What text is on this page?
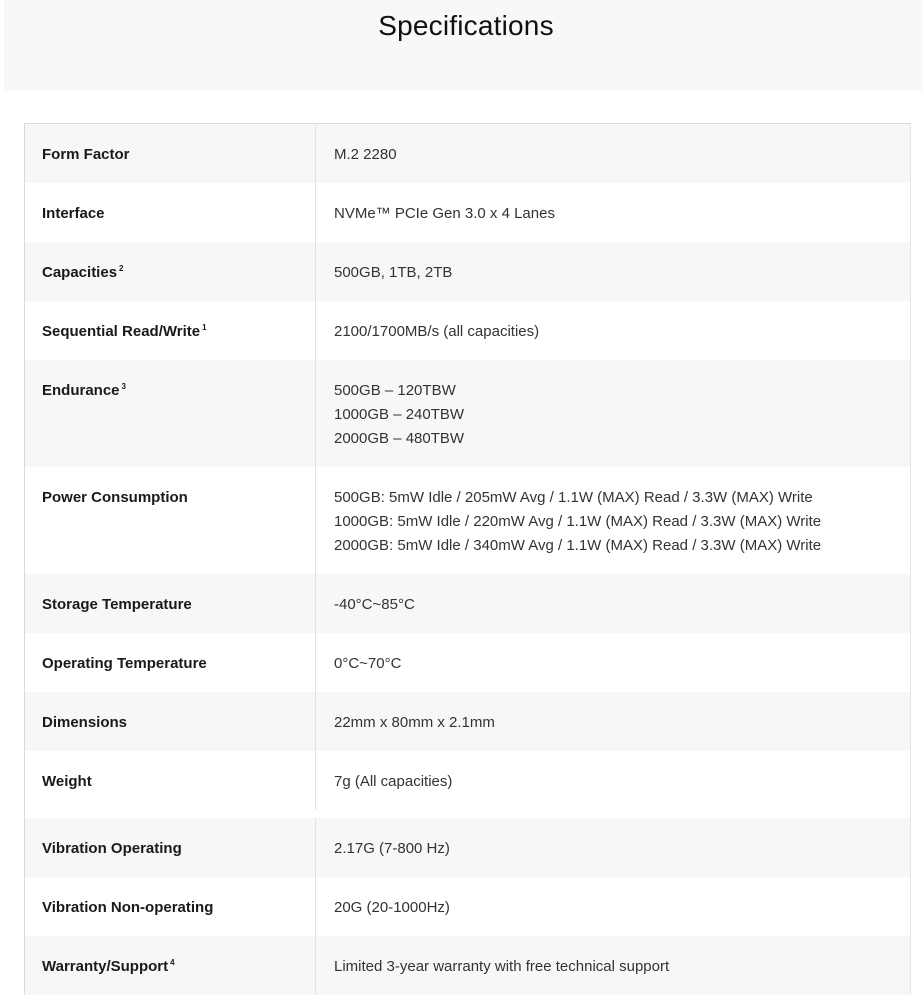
Specifications
Form Factor	M.2 2280
Interface	NVMe™ PCIe Gen 3.0 x 4 Lanes
Capacities $^2$	500GB, 1TB, 2TB
Sequential Read/Write $^1$	2100/1700MB/s (all capacities)
Endurance $^3$	500GB – 120TBW
1000GB – 240TBW
2000GB – 480TBW
Power Consumption	500GB: 5mW Idle / 205mW Avg / 1.1W (MAX) Read / 3.3W (MAX) Write
1000GB: 5mW Idle / 220mW Avg / 1.1W (MAX) Read / 3.3W (MAX) Write
2000GB: 5mW Idle / 340mW Avg / 1.1W (MAX) Read / 3.3W (MAX) Write
Storage Temperature	-40°C~85°C
Operating Temperature	0°C~70°C
Dimensions	22mm x 80mm x 2.1mm
Weight	7g (All capacities)
Vibration Operating	2.17G (7-800 Hz)
Vibration Non-operating	20G (20-1000Hz)
Warranty/Support $^4$	Limited 3-year warranty with free technical support
